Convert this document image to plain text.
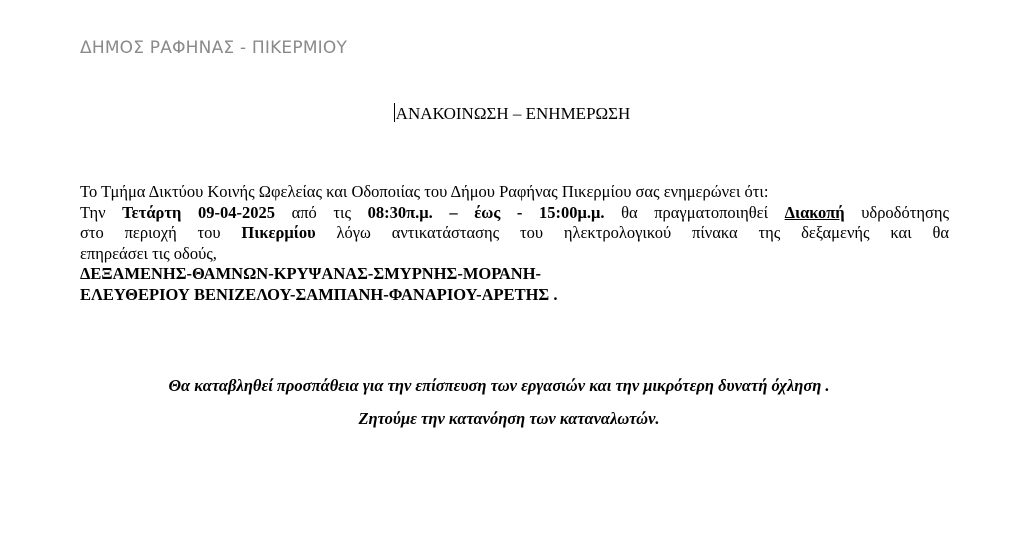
ΔΗΜΟΣ ΡΑΦΗΝΑΣ - ΠΙΚΕΡΜΙΟΥ
ΑΝΑΚΟΙΝΩΣΗ – ΕΝΗΜΕΡΩΣΗ
Το Τμήμα Δικτύου Κοινής Ωφελείας και Οδοποιίας του Δήμου Ραφήνας Πικερμίου σας ενημερώνει ότι:
Την Τετάρτη 09-04-2025 από τις 08:30π.μ. – έως - 15:00μ.μ. θα πραγματοποιηθεί Διακοπή υδροδότησης
στο περιοχή του Πικερμίου λόγω αντικατάστασης του ηλεκτρολογικού πίνακα της δεξαμενής και θα
επηρεάσει τις οδούς,
ΔΕΞΑΜΕΝΗΣ-ΘΑΜΝΩΝ-ΚΡΥΨΑΝΑΣ-ΣΜΥΡΝΗΣ-ΜΟΡΑΝΗ-
ΕΛΕΥΘΕΡΙΟΥ ΒΕΝΙΖΕΛΟΥ-ΣΑΜΠΑΝΗ-ΦΑΝΑΡΙΟΥ-ΑΡΕΤΗΣ .
Θα καταβληθεί προσπάθεια για την επίσπευση των εργασιών και την μικρότερη δυνατή όχληση .
Ζητούμε την κατανόηση των καταναλωτών.
